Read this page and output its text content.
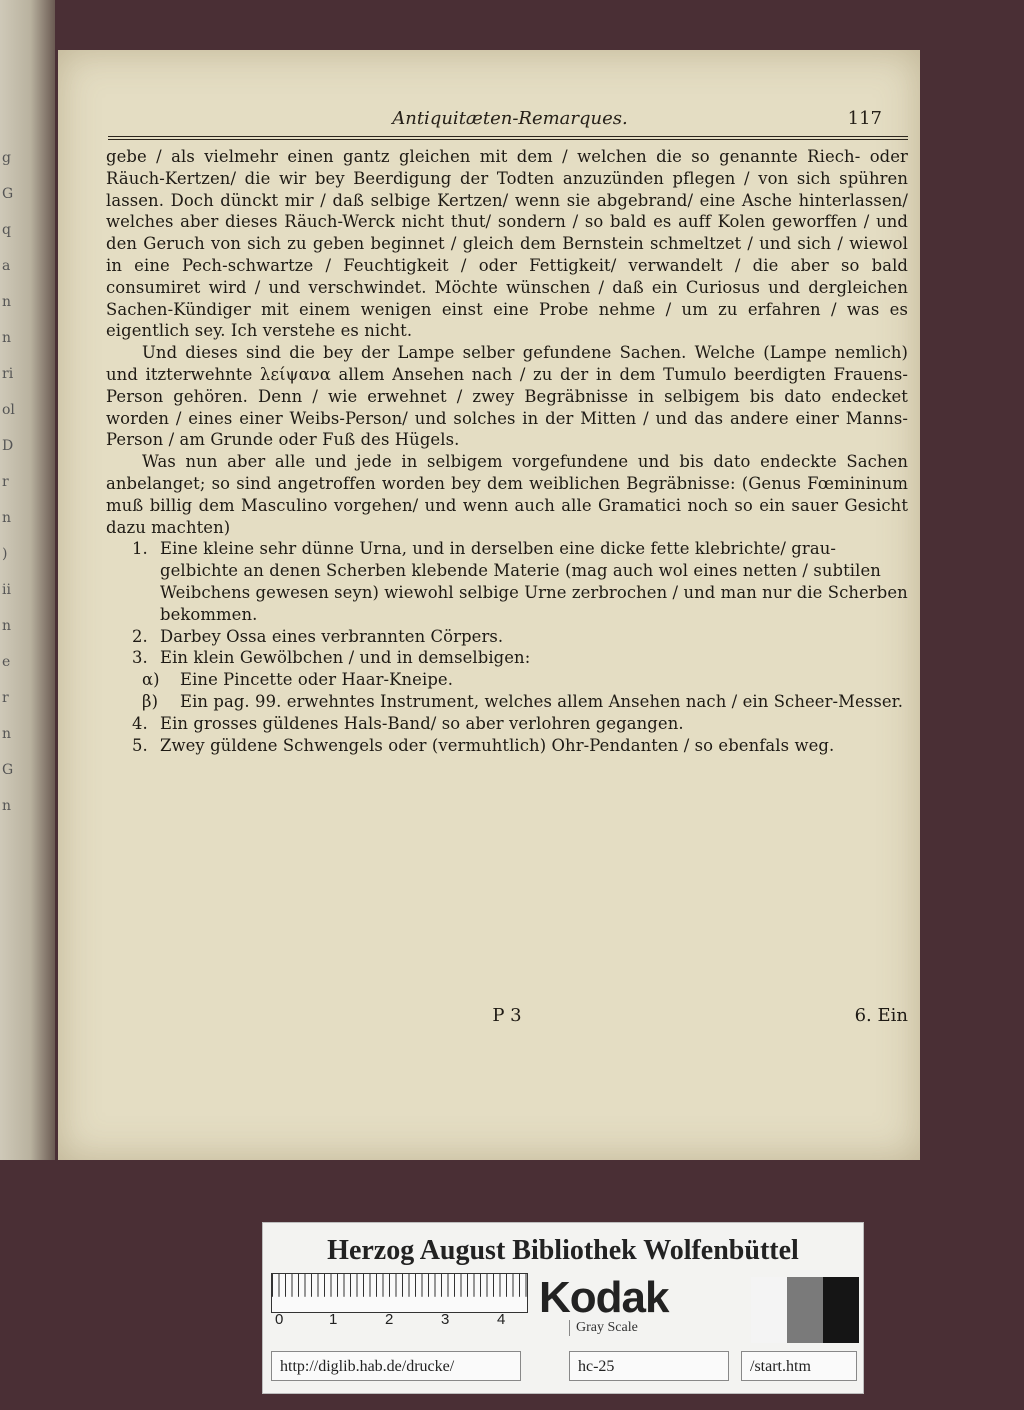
g
G
q
a
n
n
ri
ol
D
r
n
)
ii
n
e
r
n
G
n
Antiquitæten-Remarques.	117

gebe / als vielmehr einen gantz gleichen mit dem / welchen die so genannte Riech- oder Räuch-Kertzen/ die wir bey Beerdigung der Todten anzuzünden pflegen / von sich spühren lassen. Doch dünckt mir / daß selbige Kertzen/ wenn sie abgebrand/ eine Asche hinterlassen/ welches aber dieses Räuch-Werck nicht thut/ sondern / so bald es auff Kolen geworffen / und den Geruch von sich zu geben beginnet / gleich dem Bernstein schmeltzet / und sich / wiewol in eine Pech-schwartze / Feuchtigkeit / oder Fettigkeit/ verwandelt / die aber so bald consumiret wird / und verschwindet. Möchte wünschen / daß ein Curiosus und dergleichen Sachen-Kündiger mit einem wenigen einst eine Probe nehme / um zu erfahren / was es eigentlich sey. Ich verstehe es nicht.

Und dieses sind die bey der Lampe selber gefundene Sachen. Welche (Lampe nemlich) und itzterwehnte λείψανα allem Ansehen nach / zu der in dem Tumulo beerdigten Frauens-Person gehören. Denn / wie erwehnet / zwey Begräbnisse in selbigem bis dato endecket worden / eines einer Weibs-Person/ und solches in der Mitten / und das andere einer Manns-Person / am Grunde oder Fuß des Hügels.

Was nun aber alle und jede in selbigem vorgefundene und bis dato endeckte Sachen anbelanget; so sind angetroffen worden bey dem weiblichen Begräbnisse: (Genus Fœmininum muß billig dem Masculino vorgehen/ und wenn auch alle Gramatici noch so ein sauer Gesicht dazu machten)

1. Eine kleine sehr dünne Urna, und in derselben eine dicke fette klebrichte/ grau-gelbichte an denen Scherben klebende Materie (mag auch wol eines netten / subtilen Weibchens gewesen seyn) wiewohl selbige Urne zerbrochen / und man nur die Scherben bekommen.
2. Darbey Ossa eines verbrannten Cörpers.
3. Ein klein Gewölbchen / und in demselbigen:
α) Eine Pincette oder Haar-Kneipe.
β) Ein pag. 99. erwehntes Instrument, welches allem Ansehen nach / ein Scheer-Messer.
4. Ein grosses güldenes Hals-Band/ so aber verlohren gegangen.
5. Zwey güldene Schwengels oder (vermuhtlich) Ohr-Pendanten / so ebenfals weg.
P 3	6. Ein
Herzog August Bibliothek Wolfenbüttel
0	1	2	3	4 Kodak
Gray Scale
http://diglib.hab.de/drucke/	hc-25	/start.htm
